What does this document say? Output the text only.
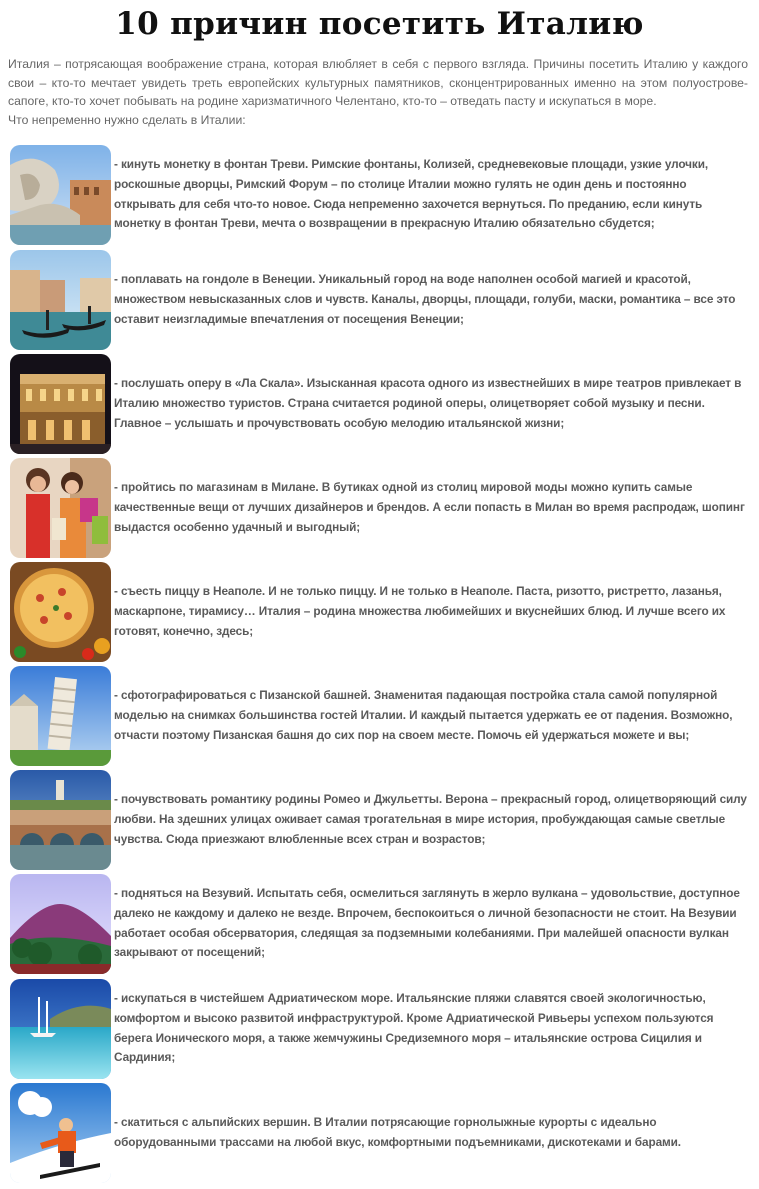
10 причин посетить Италию

Италия – потрясающая воображение страна, которая влюбляет в себя с первого взгляда. Причины посетить Италию у каждого свои – кто-то мечтает увидеть треть европейских культурных памятников, сконцентрированных именно на этом полуострове-сапоге, кто-то хочет побывать на родине харизматичного Челентано, кто-то – отведать пасту и искупаться в море.

Что непременно нужно сделать в Италии:

- кинуть монетку в фонтан Треви. Римские фонтаны, Колизей, средневековые площади, узкие улочки, роскошные дворцы, Римский Форум – по столице Италии можно гулять не один день и постоянно открывать для себя что-то новое. Сюда непременно захочется вернуться. По преданию, если кинуть монетку в фонтан Треви, мечта о возвращении в прекрасную Италию обязательно сбудется;
- поплавать на гондоле в Венеции. Уникальный город на воде наполнен особой магией и красотой, множеством невысказанных слов и чувств. Каналы, дворцы, площади, голуби, маски, романтика – все это оставит неизгладимые впечатления от посещения Венеции;
- послушать оперу в «Ла Скала». Изысканная красота одного из известнейших в мире театров привлекает в Италию множество туристов. Страна считается родиной оперы, олицетворяет собой музыку и песни. Главное – услышать и прочувствовать особую мелодию итальянской жизни;
- пройтись по магазинам в Милане. В бутиках одной из столиц мировой моды можно купить самые качественные вещи от лучших дизайнеров и брендов. А если попасть в Милан во время распродаж, шопинг выдастся особенно удачный и выгодный;
- съесть пиццу в Неаполе. И не только пиццу. И не только в Неаполе. Паста, ризотто, ристретто, лазанья, маскарпоне, тирамису… Италия – родина множества любимейших и вкуснейших блюд. И лучше всего их готовят, конечно, здесь;
- сфотографироваться с Пизанской башней. Знаменитая падающая постройка стала самой популярной моделью на снимках большинства гостей Италии. И каждый пытается удержать ее от падения. Возможно, отчасти поэтому Пизанская башня до сих пор на своем месте. Помочь ей удержаться можете и вы;
- почувствовать романтику родины Ромео и Джульетты. Верона – прекрасный город, олицетворяющий силу любви. На здешних улицах оживает самая трогательная в мире история, пробуждающая самые светлые чувства. Сюда приезжают влюбленные всех стран и возрастов;
- подняться на Везувий. Испытать себя, осмелиться заглянуть в жерло вулкана – удовольствие, доступное далеко не каждому и далеко не везде. Впрочем, беспокоиться о личной безопасности не стоит. На Везувии работает особая обсерватория, следящая за подземными колебаниями. При малейшей опасности вулкан закрывают от посещений;
- искупаться в чистейшем Адриатическом море. Итальянские пляжи славятся своей экологичностью, комфортом и высоко развитой инфраструктурой. Кроме Адриатической Ривьеры успехом пользуются берега Ионического моря, а также жемчужины Средиземного моря – итальянские острова Сицилия и Сардиния;
- скатиться с альпийских вершин. В Италии потрясающие горнолыжные курорты с идеально оборудованными трассами на любой вкус, комфортными подъемниками, дискотеками и барами.
